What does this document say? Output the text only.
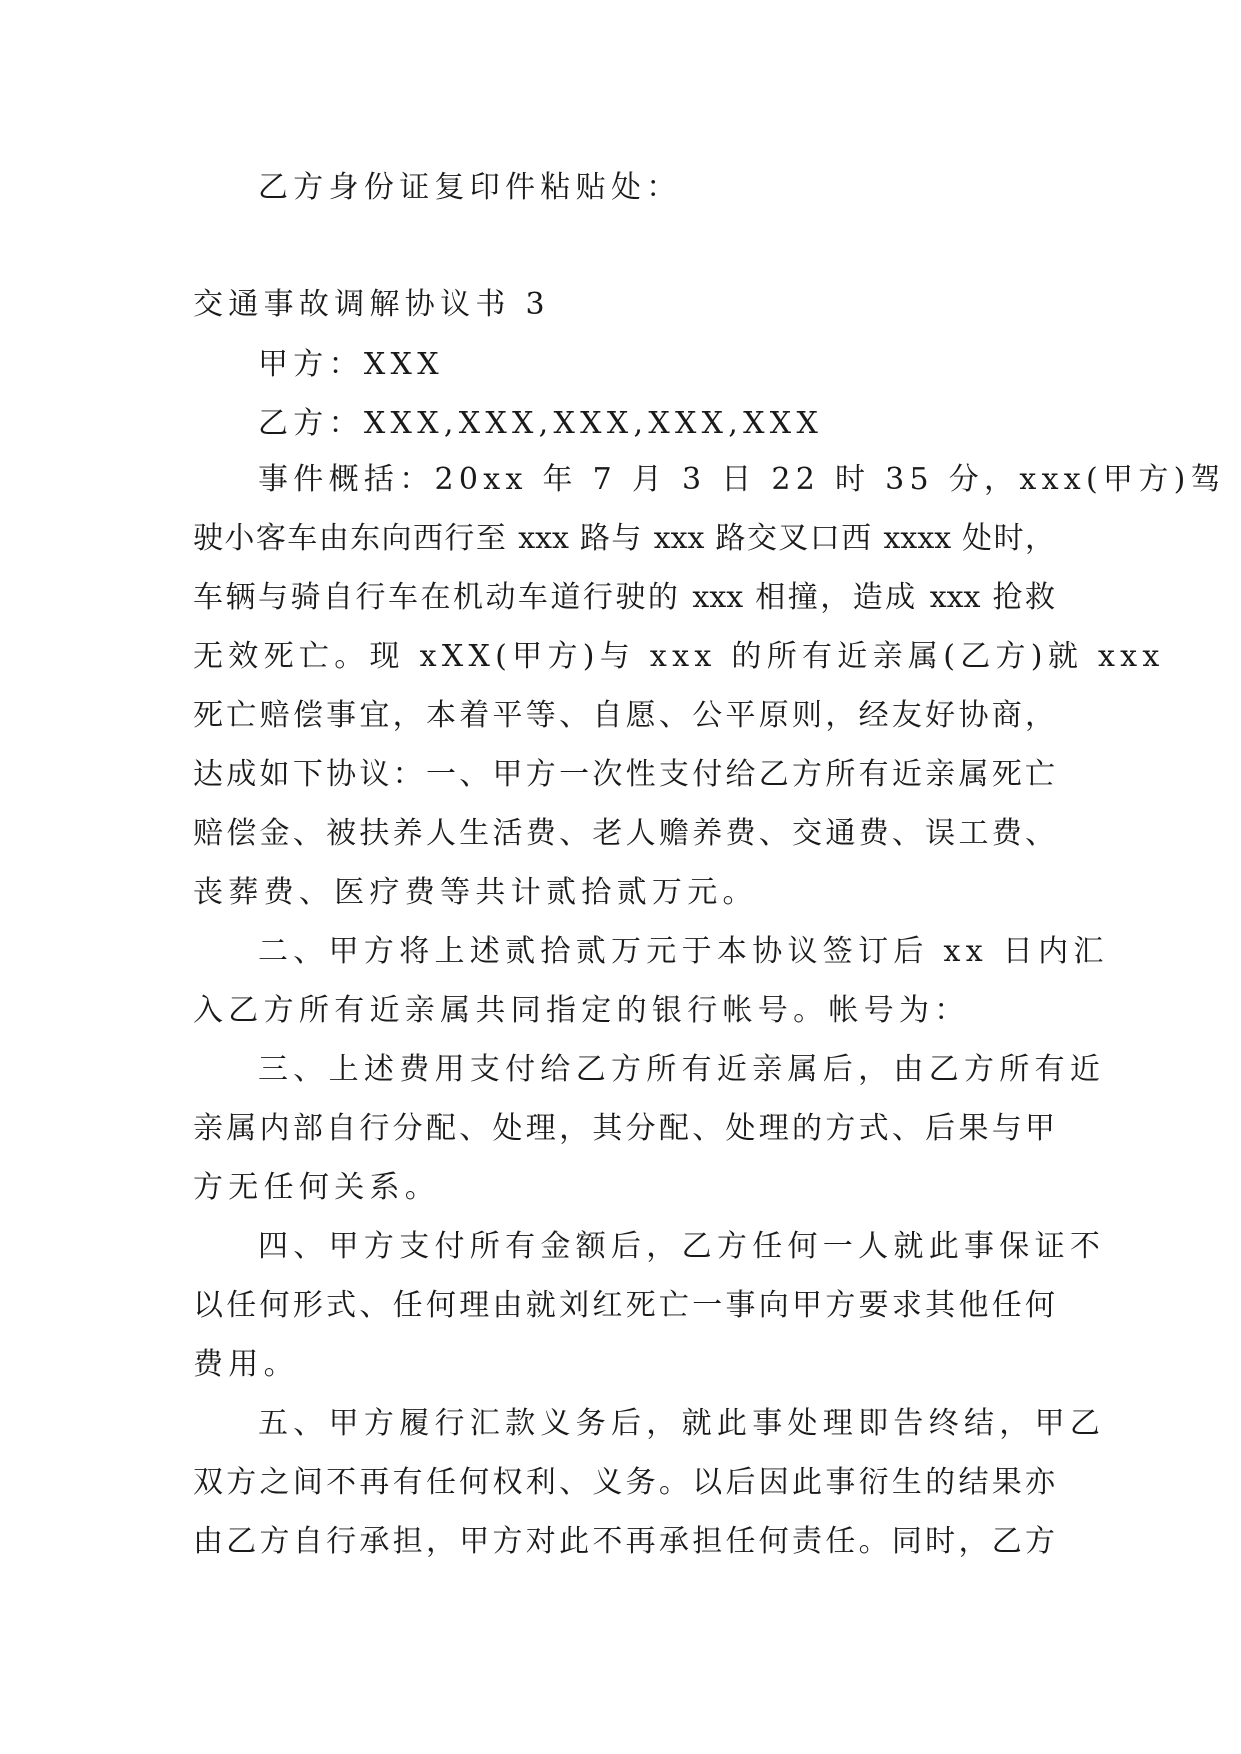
乙方身份证复印件粘贴处：
交通事故调解协议书 3
甲方：XXX
乙方：XXX,XXX,XXX,XXX,XXX
事件概括：20xx 年 7 月 3 日 22 时 35 分，xxx(甲方)驾
驶小客车由东向西行至 xxx 路与 xxx 路交叉口西 xxxx 处时，
车辆与骑自行车在机动车道行驶的 xxx 相撞，造成 xxx 抢救
无效死亡。现 xXX(甲方)与 xxx 的所有近亲属(乙方)就 xxx
死亡赔偿事宜，本着平等、自愿、公平原则，经友好协商，
达成如下协议：一、甲方一次性支付给乙方所有近亲属死亡
赔偿金、被扶养人生活费、老人赡养费、交通费、误工费、
丧葬费、医疗费等共计贰拾贰万元。
二、甲方将上述贰拾贰万元于本协议签订后 xx 日内汇
入乙方所有近亲属共同指定的银行帐号。帐号为：
三、上述费用支付给乙方所有近亲属后，由乙方所有近
亲属内部自行分配、处理，其分配、处理的方式、后果与甲
方无任何关系。
四、甲方支付所有金额后，乙方任何一人就此事保证不
以任何形式、任何理由就刘红死亡一事向甲方要求其他任何
费用。
五、甲方履行汇款义务后，就此事处理即告终结，甲乙
双方之间不再有任何权利、义务。以后因此事衍生的结果亦
由乙方自行承担，甲方对此不再承担任何责任。同时，乙方
